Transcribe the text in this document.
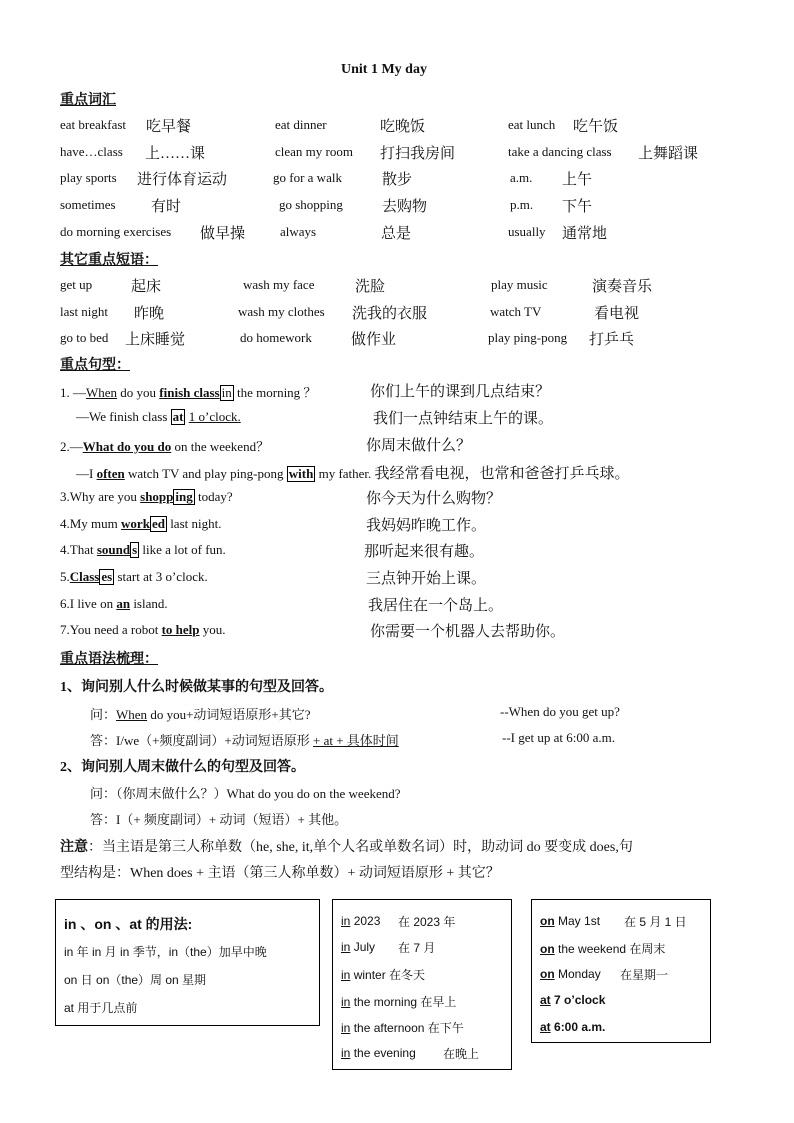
Unit 1 My day
重点词汇
eat breakfast 吃早餐	eat dinner	吃晚饭	eat lunch 吃午饭
have…class 上……课	clean my room 打扫我房间	take a dancing class 上舞蹈课
play sports 进行体育运动	go for a walk	散步	a.m. 上午
sometimes 有时	go shopping	去购物	p.m. 下午
do morning exercises 做早操	always	总是	usually 通常地
其它重点短语：
get up	起床	wash my face	洗脸	play music	演奏音乐
last night 昨晚	wash my clothes 洗我的衣服	watch TV	看电视
go to bed 上床睡觉	do homework	做作业	play ping-pong 打乒乓
重点句型：
1. —When do you finish class in the morning ？	你们上午的课到几点结束？
—We finish class at 1 o’clock.	我们一点钟结束上午的课。
2.—What do you do on the weekend？	你周末做什么？
—I often watch TV and play ping-pong with my father. 我经常看电视，也常和爸爸打乒乓球。
3.Why are you shopp ing today?	你今天为什么购物？
4.My mum work ed last night.	我妈妈昨晚工作。
4.That sound s like a lot of fun.	那听起来很有趣。
5.Class es start at 3 o’clock.	三点钟开始上课。
6.I live on an island.	我居住在一个岛上。
7.You need a robot to help you.	你需要一个机器人去帮助你。
重点语法梳理：
1、询问别人什么时候做某事的句型及回答。
问：When do you+动词短语原形+其它?	--When do you get up?
答：I/we（+频度副词）+动词短语原形 + at + 具体时间	--I get up at 6:00 a.m.
2、询问别人周末做什么的句型及回答。
问：（你周末做什么？）What do you do on the weekend?
答：I（+ 频度副词）+ 动词（短语）+ 其他。
注意：当主语是第三人称单数（he, she, it,单个人名或单数名词）时，助动词 do 要变成 does,句
型结构是：When does + 主语（第三人称单数）+ 动词短语原形 + 其它？
in 、on 、at 的用法:
in 年 in 月 in 季节，in（the）加早中晚
on 日 on（the）周 on 星期
at 用于几点前
in 2023 在 2023 年
in July 在 7 月
in winter 在冬天
in the morning 在早上
in the afternoon 在下午
in the evening 在晚上
on May 1st 在 5 月 1 日
on the weekend 在周末
on Monday 在星期一
at 7 o’clock
at 6:00 a.m.
